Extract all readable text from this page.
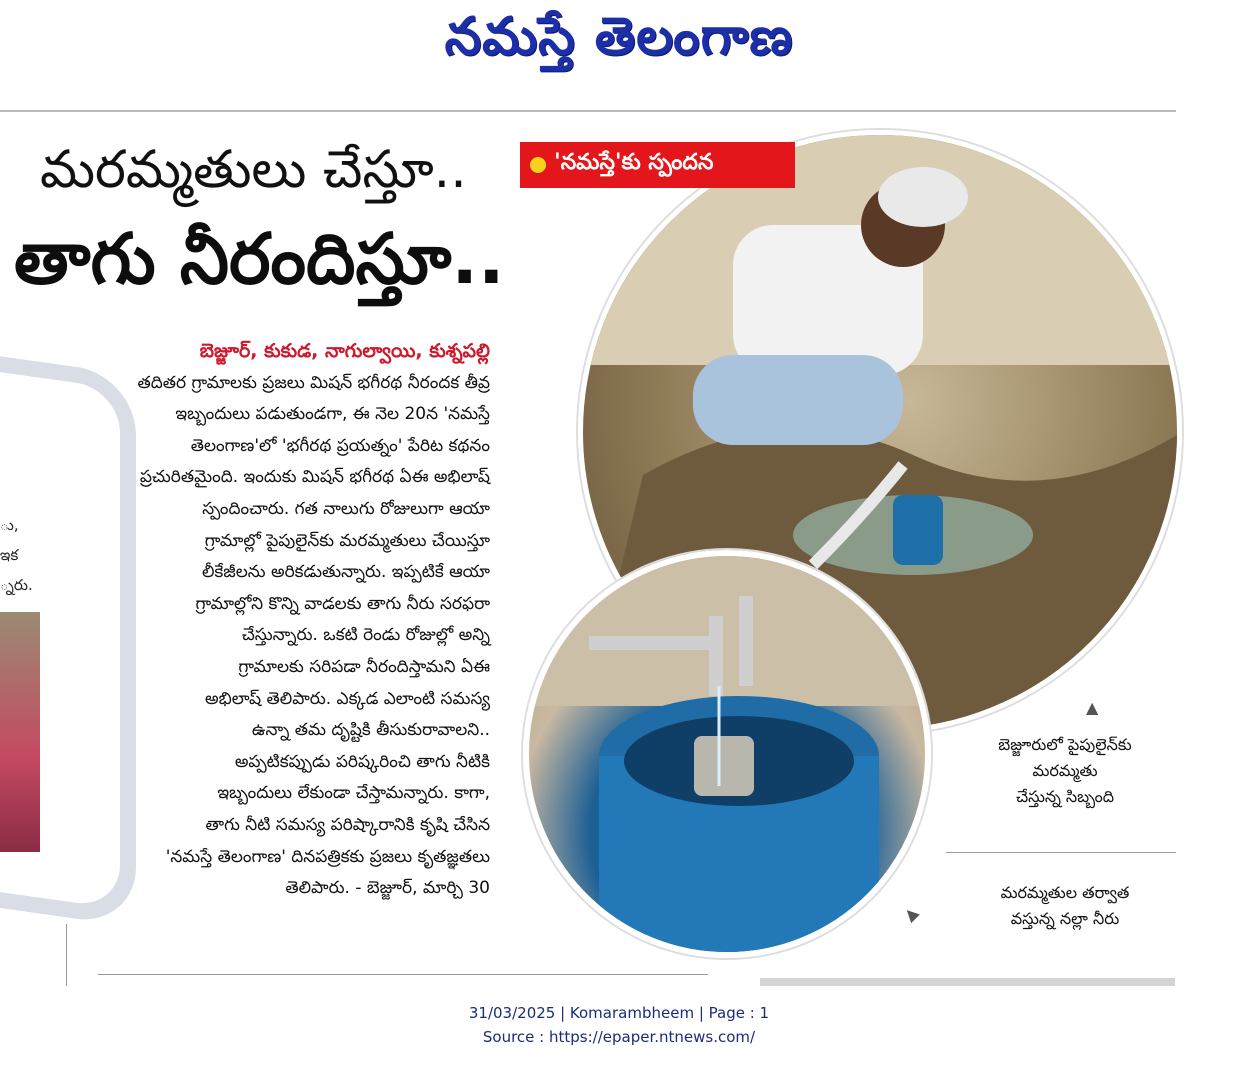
నమస్తే తెలంగాణ
ు,
ఇక
్నరు.
మరమ్మతులు చేస్తూ..
తాగు నీరందిస్తూ..
'నమస్తే'కు స్పందన
బెజ్జూర్, కుకుడ, నాగుల్వాయి, కుశ్నపల్లి
తదితర గ్రామాలకు ప్రజలు మిషన్ భగీరథ నీరందక తీవ్ర
ఇబ్బందులు పడుతుండగా, ఈ నెల 20న 'నమస్తే
తెలంగాణ'లో 'భగీరథ ప్రయత్నం' పేరిట కథనం
ప్రచురితమైంది. ఇందుకు మిషన్ భగీరథ ఏఈ అభిలాష్
స్పందించారు. గత నాలుగు రోజులుగా ఆయా
గ్రామాల్లో పైపులైన్‌కు మరమ్మతులు చేయిస్తూ
లీకేజీలను అరికడుతున్నారు. ఇప్పటికే ఆయా
గ్రామాల్లోని కొన్ని వాడలకు తాగు నీరు సరఫరా
చేస్తున్నారు. ఒకటి రెండు రోజుల్లో అన్ని
గ్రామాలకు సరిపడా నీరందిస్తామని ఏఈ
అభిలాష్ తెలిపారు. ఎక్కడ ఎలాంటి సమస్య
ఉన్నా తమ దృష్టికి తీసుకురావాలని..
అప్పటికప్పుడు పరిష్కరించి తాగు నీటికి
ఇబ్బందులు లేకుండా చేస్తామన్నారు. కాగా,
తాగు నీటి సమస్య పరిష్కారానికి కృషి చేసిన
'నమస్తే తెలంగాణ' దినపత్రికకు ప్రజలు కృతజ్ఞతలు
తెలిపారు. - బెజ్జూర్, మార్చి 30
▲
బెజ్జూరులో పైపులైన్‌కు
మరమ్మతు
చేస్తున్న సిబ్బంది
మరమ్మతుల తర్వాత
వస్తున్న నల్లా నీరు
▲
31/03/2025 | Komarambheem | Page : 1
Source : https://epaper.ntnews.com/
